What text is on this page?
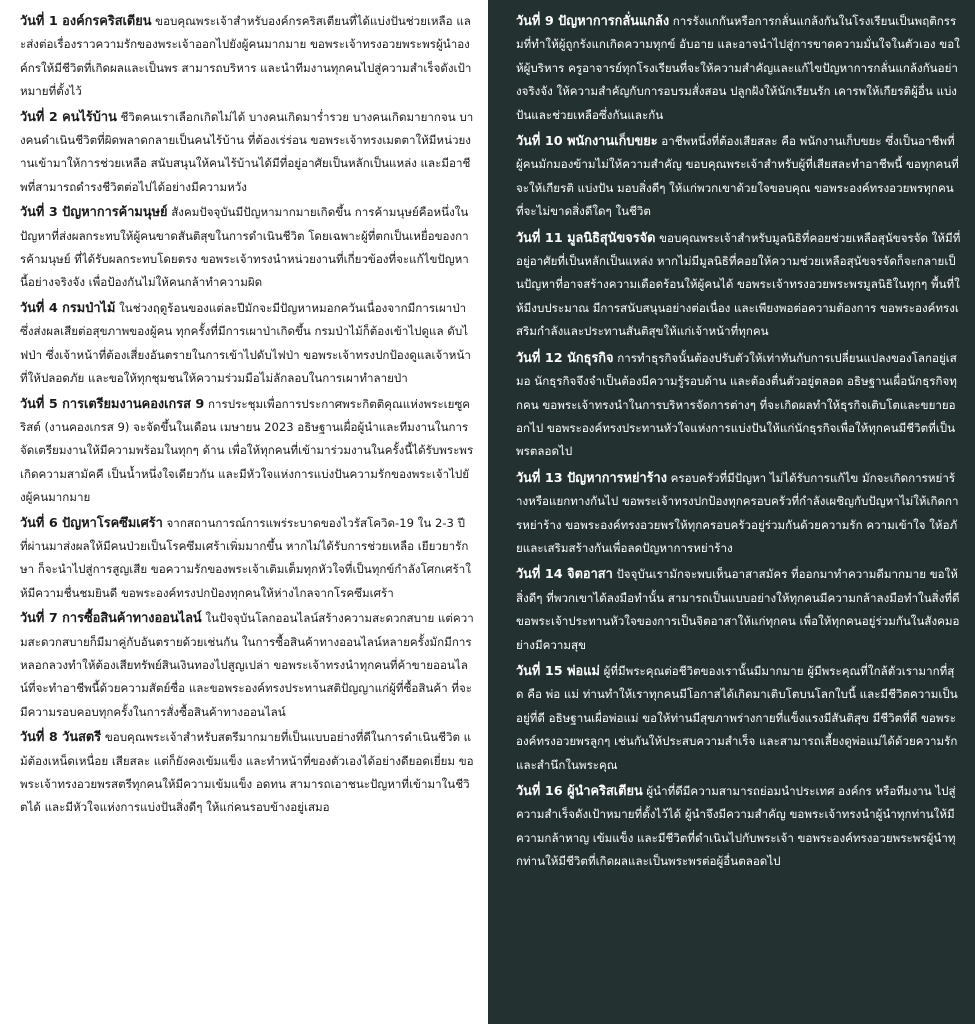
วันที่ 1 องค์กรคริสเตียน ขอบคุณพระเจ้าสำหรับองค์กรคริสเตียนที่ได้แบ่งปันช่วยเหลือ และส่งต่อเรื่องราวความรักของพระเจ้าออกไปยังผู้คนมากมาย ขอพระเจ้าทรงอวยพระพรผู้นำองค์กรให้มีชีวิตที่เกิดผลและเป็นพร สามารถบริหาร และนำทีมงานทุกคนไปสู่ความสำเร็จดังเป้าหมายที่ตั้งไว้

วันที่ 2 คนไร้บ้าน ชีวิตคนเราเลือกเกิดไม่ได้ บางคนเกิดมาร่ำรวย บางคนเกิดมายากจน บางคนดำเนินชีวิตที่ผิดพลาดกลายเป็นคนไร้บ้าน ที่ต้องเร่ร่อน ขอพระเจ้าทรงเมตตาให้มีหน่วยงานเข้ามาให้การช่วยเหลือ สนับสนุนให้คนไร้บ้านได้มีที่อยู่อาศัยเป็นหลักเป็นแหล่ง และมีอาชีพที่สามารถดำรงชีวิตต่อไปได้อย่างมีความหวัง

วันที่ 3 ปัญหาการค้ามนุษย์ สังคมปัจจุบันมีปัญหามากมายเกิดขึ้น การค้ามนุษย์คือหนึ่งในปัญหาที่ส่งผลกระทบให้ผู้คนขาดสันติสุขในการดำเนินชีวิต โดยเฉพาะผู้ที่ตกเป็นเหยื่อของการค้ามนุษย์ ที่ได้รับผลกระทบโดยตรง ขอพระเจ้าทรงนำหน่วยงานที่เกี่ยวข้องที่จะแก้ไขปัญหานี้อย่างจริงจัง เพื่อป้องกันไม่ให้คนกล้าทำความผิด

วันที่ 4 กรมป่าไม้ ในช่วงฤดูร้อนของแต่ละปีมักจะมีปัญหาหมอกควันเนื่องจากมีการเผาป่า ซึ่งส่งผลเสียต่อสุขภาพของผู้คน ทุกครั้งที่มีการเผาป่าเกิดขึ้น กรมป่าไม้ก็ต้องเข้าไปดูแล ดับไฟป่า ซึ่งเจ้าหน้าที่ต้องเสี่ยงอันตรายในการเข้าไปดับไฟป่า ขอพระเจ้าทรงปกป้องดูแลเจ้าหน้าที่ให้ปลอดภัย และขอให้ทุกชุมชนให้ความร่วมมือไม่ลักลอบในการเผาทำลายป่า

วันที่ 5 การเตรียมงานคองเกรส 9 การประชุมเพื่อการประกาศพระกิตติคุณแห่งพระเยซูคริสต์ (งานคองเกรส 9) จะจัดขึ้นในเดือน เมษายน 2023 อธิษฐานเผื่อผู้นำและทีมงานในการจัดเตรียมงานให้มีความพร้อมในทุกๆ ด้าน เพื่อให้ทุกคนที่เข้ามาร่วมงานในครั้งนี้ได้รับพระพร เกิดความสามัคคี เป็นน้ำหนึ่งใจเดียวกัน และมีหัวใจแห่งการแบ่งปันความรักของพระเจ้าไปยังผู้คนมากมาย

วันที่ 6 ปัญหาโรคซึมเศร้า จากสถานการณ์การแพร่ระบาดของไวรัสโควิด-19 ใน 2-3 ปี ที่ผ่านมาส่งผลให้มีคนป่วยเป็นโรคซึมเศร้าเพิ่มมากขึ้น หากไม่ได้รับการช่วยเหลือ เยียวยารักษา ก็จะนำไปสู่การสูญเสีย ขอความรักของพระเจ้าเติมเต็มทุกหัวใจที่เป็นทุกข์กำลังโศกเศร้าให้มีความชื่นชมยินดี ขอพระองค์ทรงปกป้องทุกคนให้ห่างไกลจากโรคซึมเศร้า

วันที่ 7 การซื้อสินค้าทางออนไลน์ ในปัจจุบันโลกออนไลน์สร้างความสะดวกสบาย แต่ความสะดวกสบายก็มีมาคู่กับอันตรายด้วยเช่นกัน ในการซื้อสินค้าทางออนไลน์หลายครั้งมักมีการหลอกลวงทำให้ต้องเสียทรัพย์สินเงินทองไปสูญเปล่า ขอพระเจ้าทรงนำทุกคนที่ค้าขายออนไลน์ที่จะทำอาชีพนี้ด้วยความสัตย์ซื่อ และขอพระองค์ทรงประทานสติปัญญาแก่ผู้ที่ซื้อสินค้า ที่จะมีความรอบคอบทุกครั้งในการสั่งซื้อสินค้าทางออนไลน์

วันที่ 8 วันสตรี ขอบคุณพระเจ้าสำหรับสตรีมากมายที่เป็นแบบอย่างที่ดีในการดำเนินชีวิต แม้ต้องเหน็ดเหนื่อย เสียสละ แต่ก็ยังคงเข้มแข็ง และทำหน้าที่ของตัวเองได้อย่างดียอดเยี่ยม ขอพระเจ้าทรงอวยพรสตรีทุกคนให้มีความเข้มแข็ง อดทน สามารถเอาชนะปัญหาที่เข้ามาในชีวิตได้ และมีหัวใจแห่งการแบ่งปันสิ่งดีๆ ให้แก่คนรอบข้างอยู่เสมอ

วันที่ 9 ปัญหาการกลั่นแกล้ง การรังแกกันหรือการกลั่นแกล้งกันในโรงเรียนเป็นพฤติกรรมที่ทำให้ผู้ถูกรังแกเกิดความทุกข์ อับอาย และอาจนำไปสู่การขาดความมั่นใจในตัวเอง ขอให้ผู้บริหาร ครูอาจารย์ทุกโรงเรียนที่จะให้ความสำคัญและแก้ไขปัญหาการกลั่นแกล้งกันอย่างจริงจัง ให้ความสำคัญกับการอบรมสั่งสอน ปลูกฝังให้นักเรียนรัก เคารพให้เกียรติผู้อื่น แบ่งปันและช่วยเหลือซึ่งกันและกัน

วันที่ 10 พนักงานเก็บขยะ อาชีพหนึ่งที่ต้องเสียสละ คือ พนักงานเก็บขยะ ซึ่งเป็นอาชีพที่ผู้คนมักมองข้ามไม่ให้ความสำคัญ ขอบคุณพระเจ้าสำหรับผู้ที่เสียสละทำอาชีพนี้ ขอทุกคนที่จะให้เกียรติ แบ่งปัน มอบสิ่งดีๆ ให้แก่พวกเขาด้วยใจขอบคุณ ขอพระองค์ทรงอวยพรทุกคนที่จะไม่ขาดสิ่งดีใดๆ ในชีวิต

วันที่ 11 มูลนิธิสุนัขจรจัด ขอบคุณพระเจ้าสำหรับมูลนิธิที่คอยช่วยเหลือสุนัขจรจัด ให้มีที่อยู่อาศัยที่เป็นหลักเป็นแหล่ง หากไม่มีมูลนิธิที่คอยให้ความช่วยเหลือสุนัขจรจัดก็จะกลายเป็นปัญหาที่อาจสร้างความเดือดร้อนให้ผู้คนได้ ขอพระเจ้าทรงอวยพระพรมูลนิธิในทุกๆ พื้นที่ให้มีงบประมาณ มีการสนับสนุนอย่างต่อเนื่อง และเพียงพอต่อความต้องการ ขอพระองค์ทรงเสริมกำลังและประทานสันติสุขให้แก่เจ้าหน้าที่ทุกคน

วันที่ 12 นักธุรกิจ การทำธุรกิจนั้นต้องปรับตัวให้เท่าทันกับการเปลี่ยนแปลงของโลกอยู่เสมอ นักธุรกิจจึงจำเป็นต้องมีความรู้รอบด้าน และต้องตื่นตัวอยู่ตลอด อธิษฐานเผื่อนักธุรกิจทุกคน ขอพระเจ้าทรงนำในการบริหารจัดการต่างๆ ที่จะเกิดผลทำให้ธุรกิจเติบโตและขยายออกไป ขอพระองค์ทรงประทานหัวใจแห่งการแบ่งปันให้แก่นักธุรกิจเพื่อให้ทุกคนมีชีวิตที่เป็นพรตลอดไป

วันที่ 13 ปัญหาการหย่าร้าง ครอบครัวที่มีปัญหา ไม่ได้รับการแก้ไข มักจะเกิดการหย่าร้างหรือแยกทางกันไป ขอพระเจ้าทรงปกป้องทุกครอบครัวที่กำลังเผชิญกับปัญหาไม่ให้เกิดการหย่าร้าง ขอพระองค์ทรงอวยพรให้ทุกครอบครัวอยู่ร่วมกันด้วยความรัก ความเข้าใจ ให้อภัยและเสริมสร้างกันเพื่อลดปัญหาการหย่าร้าง

วันที่ 14 จิตอาสา ปัจจุบันเรามักจะพบเห็นอาสาสมัคร ที่ออกมาทำความดีมากมาย ขอให้สิ่งดีๆ ที่พวกเขาได้ลงมือทำนั้น สามารถเป็นแบบอย่างให้ทุกคนมีความกล้าลงมือทำในสิ่งที่ดี ขอพระเจ้าประทานหัวใจของการเป็นจิตอาสาให้แก่ทุกคน เพื่อให้ทุกคนอยู่ร่วมกันในสังคมอย่างมีความสุข

วันที่ 15 พ่อแม่ ผู้ที่มีพระคุณต่อชีวิตของเรานั้นมีมากมาย ผู้มีพระคุณที่ใกล้ตัวเรามากที่สุด คือ พ่อ แม่ ท่านทำให้เราทุกคนมีโอกาสได้เกิดมาเติบโตบนโลกใบนี้ และมีชีวิตความเป็นอยู่ที่ดี อธิษฐานเผื่อพ่อแม่ ขอให้ท่านมีสุขภาพร่างกายที่แข็งแรงมีสันติสุข มีชีวิตที่ดี ขอพระองค์ทรงอวยพรลูกๆ เช่นกันให้ประสบความสำเร็จ และสามารถเลี้ยงดูพ่อแม่ได้ด้วยความรักและสำนึกในพระคุณ

วันที่ 16 ผู้นำคริสเตียน ผู้นำที่ดีมีความสามารถย่อมนำประเทศ องค์กร หรือทีมงาน ไปสู่ความสำเร็จดังเป้าหมายที่ตั้งไว้ได้ ผู้นำจึงมีความสำคัญ ขอพระเจ้าทรงนำผู้นำทุกท่านให้มีความกล้าหาญ เข้มแข็ง และมีชีวิตที่ดำเนินไปกับพระเจ้า ขอพระองค์ทรงอวยพระพรผู้นำทุกท่านให้มีชีวิตที่เกิดผลและเป็นพระพรต่อผู้อื่นตลอดไป
